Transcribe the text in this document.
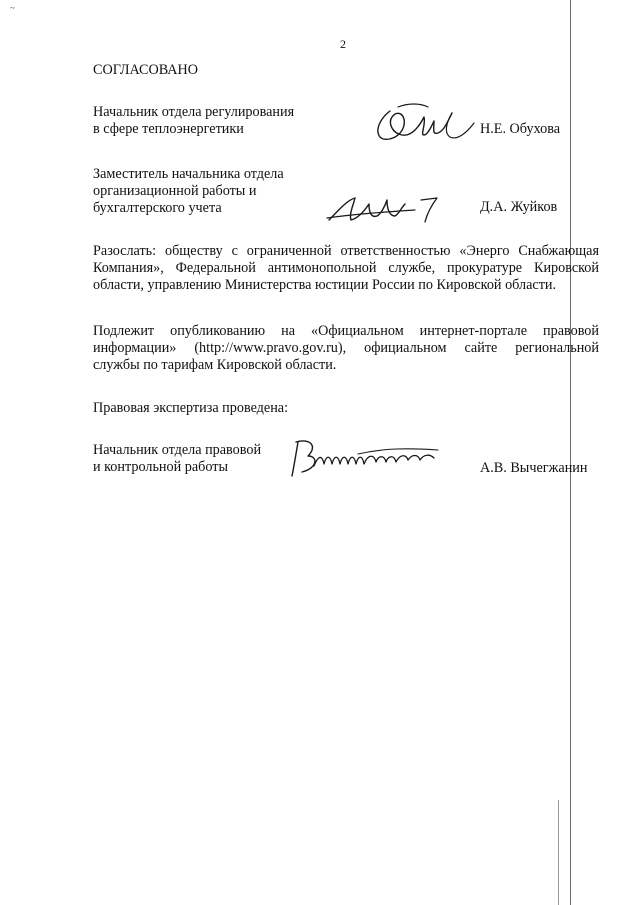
~
2
СОГЛАСОВАНО
Начальник отдела регулирования
в сфере теплоэнергетики	Н.Е. Обухова
Заместитель начальника отдела
организационной работы и
бухгалтерского учета	Д.А. Жуйков
Разослать: обществу с ограниченной ответственностью «Энерго Снабжающая
Компания», Федеральной антимонопольной службе, прокуратуре Кировской
области, управлению Министерства юстиции России по Кировской области.
Подлежит опубликованию на «Официальном интернет-портале правовой
информации» (http://www.pravo.gov.ru), официальном сайте региональной
службы по тарифам Кировской области.
Правовая экспертиза проведена:
Начальник отдела правовой
и контрольной работы	А.В. Вычегжанин
